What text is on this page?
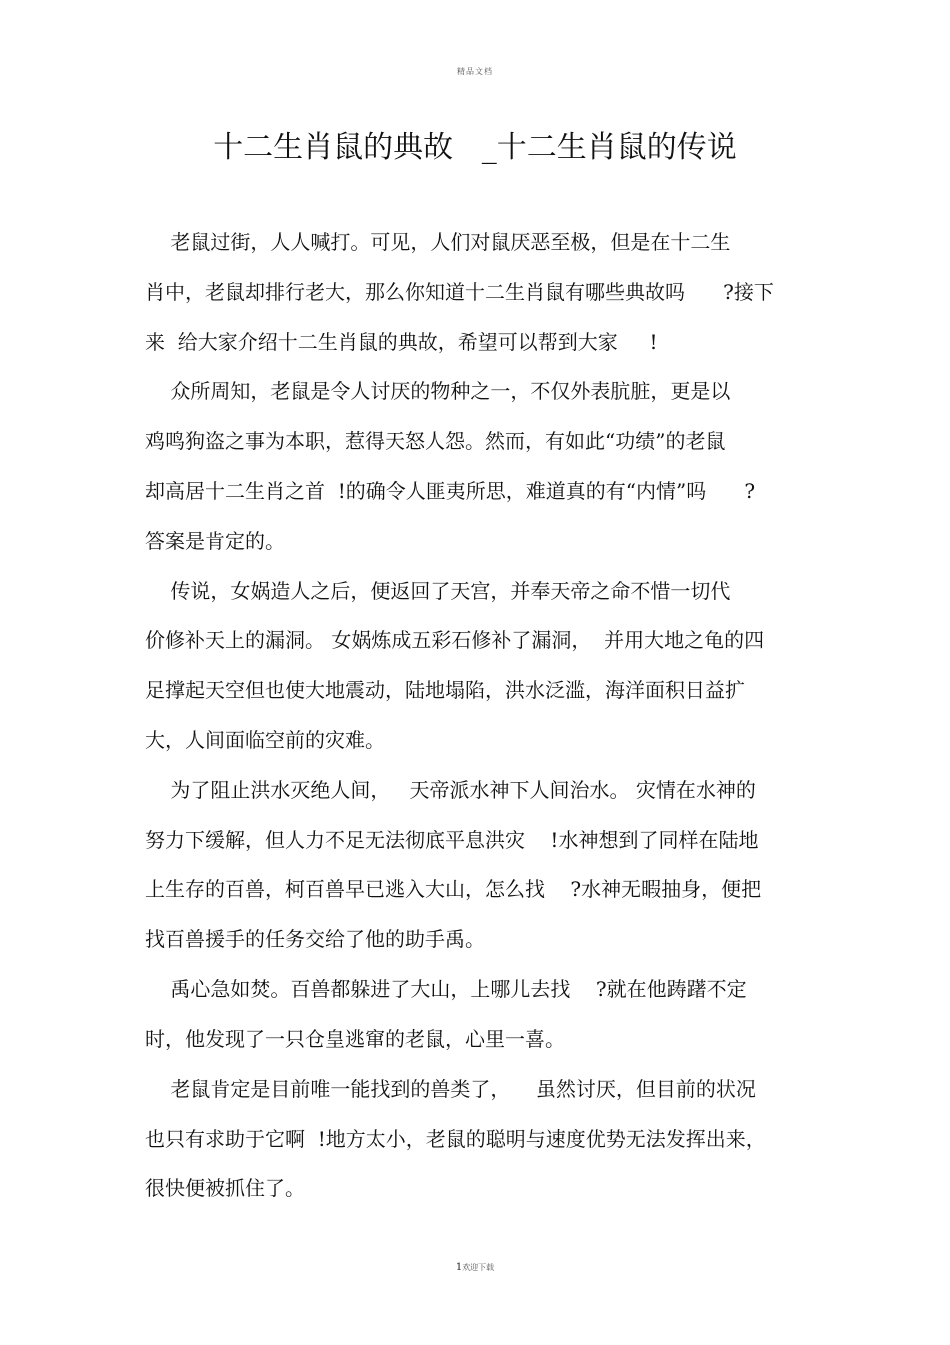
精品文档
十二生肖鼠的典故   _十二生肖鼠的传说
老鼠过街，人人喊打。可见，人们对鼠厌恶至极，但是在十二生
肖中，老鼠却排行老大，那么你知道十二生肖鼠有哪些典故吗      ?接下
来  给大家介绍十二生肖鼠的典故，希望可以帮到大家     !
众所周知，老鼠是令人讨厌的物种之一，不仅外表肮脏，更是以
鸡鸣狗盗之事为本职，惹得天怒人怨。然而，有如此“功绩”的老鼠
却高居十二生肖之首  !的确令人匪夷所思，难道真的有“内情”吗      ?
答案是肯定的。
传说，女娲造人之后，便返回了天宫，并奉天帝之命不惜一切代
价修补天上的漏洞。 女娲炼成五彩石修补了漏洞，  并用大地之龟的四
足撑起天空但也使大地震动，陆地塌陷，洪水泛滥，海洋面积日益扩
大，人间面临空前的灾难。
为了阻止洪水灭绝人间，   天帝派水神下人间治水。 灾情在水神的
努力下缓解，但人力不足无法彻底平息洪灾    !水神想到了同样在陆地
上生存的百兽，柯百兽早已逃入大山，怎么找    ?水神无暇抽身，便把
找百兽援手的任务交给了他的助手禹。
禹心急如焚。百兽都躲进了大山，上哪儿去找    ?就在他踌躇不定
时，他发现了一只仓皇逃窜的老鼠，心里一喜。
老鼠肯定是目前唯一能找到的兽类了，    虽然讨厌，但目前的状况
也只有求助于它啊  !地方太小，老鼠的聪明与速度优势无法发挥出来，
很快便被抓住了。
1欢迎下载
